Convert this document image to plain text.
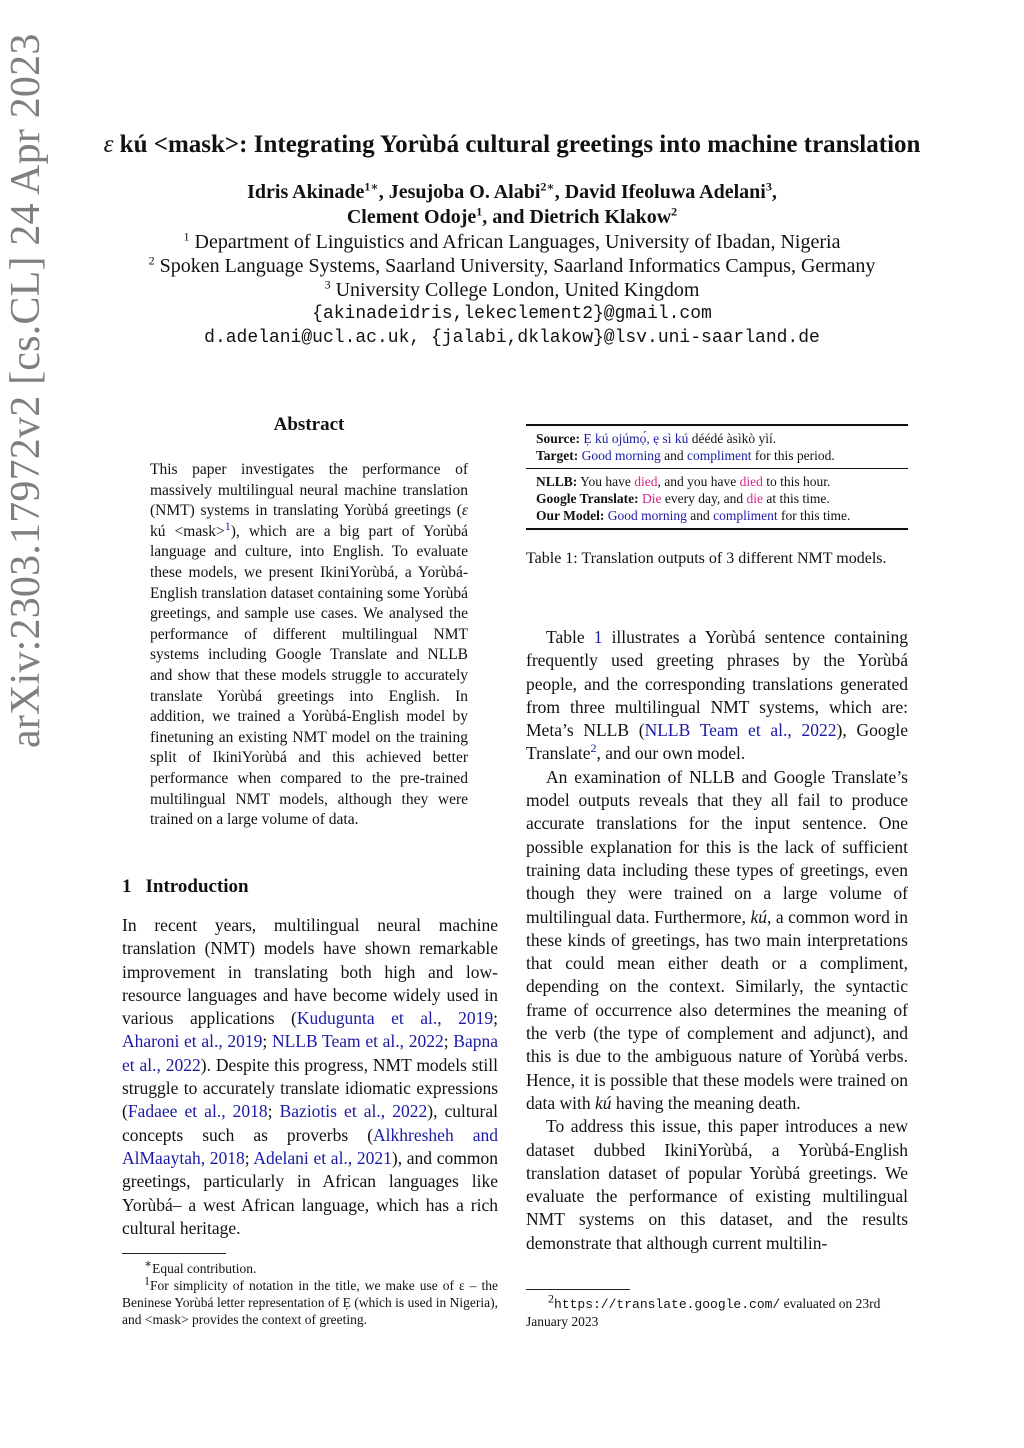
arXiv:2303.17972v2 [cs.CL] 24 Apr 2023 ε kú <mask>: Integrating Yorùbá cultural greetings into machine translation
Idris Akinade$^{1∗}$, Jesujoba O. Alabi$^{2∗}$, David Ifeoluwa Adelani$^3$,
Clement Odoje$^1$, and Dietrich Klakow$^2$
$^1$ Department of Linguistics and African Languages, University of Ibadan, Nigeria
$^2$ Spoken Language Systems, Saarland University, Saarland Informatics Campus, Germany
$^3$ University College London, United Kingdom
{akinadeidris,lekeclement2}@gmail.com
d.adelani@ucl.ac.uk, {jalabi,dklakow}@lsv.uni-saarland.de
Abstract
This paper investigates the performance of massively multilingual neural machine translation (NMT) systems in translating Yorùbá greetings (ε kú <mask>$^1$), which are a big part of Yorùbá language and culture, into English. To evaluate these models, we present IkiniYorùbá, a Yorùbá-English translation dataset containing some Yorùbá greetings, and sample use cases. We analysed the performance of different multilingual NMT systems including Google Translate and NLLB and show that these models struggle to accurately translate Yorùbá greetings into English. In addition, we trained a Yorùbá-English model by finetuning an existing NMT model on the training split of IkiniYorùbá and this achieved better performance when compared to the pre-trained multilingual NMT models, although they were trained on a large volume of data.
1 Introduction

In recent years, multilingual neural machine translation (NMT) models have shown remarkable improvement in translating both high and low-resource languages and have become widely used in various applications (Kudugunta et al., 2019; Aharoni et al., 2019; NLLB Team et al., 2022; Bapna et al., 2022). Despite this progress, NMT models still struggle to accurately translate idiomatic expressions (Fadaee et al., 2018; Baziotis et al., 2022), cultural concepts such as proverbs (Alkhresheh and AlMaaytah, 2018; Adelani et al., 2021), and common greetings, particularly in African languages like Yorùbá– a west African language, which has a rich cultural heritage.

∗Equal contribution.

$^1$For simplicity of notation in the title, we make use of ε – the Beninese Yorùbá letter representation of Ẹ (which is used in Nigeria), and <mask> provides the context of greeting.

Source: Ẹ kú ojúmọ́, ẹ sì kú déédé àsìkò yìí.
Target: Good morning and compliment for this period.
NLLB: You have died, and you have died to this hour.
Google Translate: Die every day, and die at this time.
Our Model: Good morning and compliment for this time.
Table 1: Translation outputs of 3 different NMT models.

Table 1 illustrates a Yorùbá sentence containing frequently used greeting phrases by the Yorùbá people, and the corresponding translations generated from three multilingual NMT systems, which are: Meta’s NLLB (NLLB Team et al., 2022), Google Translate$^2$, and our own model.

An examination of NLLB and Google Translate’s model outputs reveals that they all fail to produce accurate translations for the input sentence. One possible explanation for this is the lack of sufficient training data including these types of greetings, even though they were trained on a large volume of multilingual data. Furthermore, kú, a common word in these kinds of greetings, has two main interpretations that could mean either death or a compliment, depending on the context. Similarly, the syntactic frame of occurrence also determines the meaning of the verb (the type of complement and adjunct), and this is due to the ambiguous nature of Yorùbá verbs. Hence, it is possible that these models were trained on data with kú having the meaning death.

To address this issue, this paper introduces a new dataset dubbed IkiniYorùbá, a Yorùbá-English translation dataset of popular Yorùbá greetings. We evaluate the performance of existing multilingual NMT systems on this dataset, and the results demonstrate that although current multilin-

$^2$https://translate.google.com/ evaluated on 23rd January 2023
